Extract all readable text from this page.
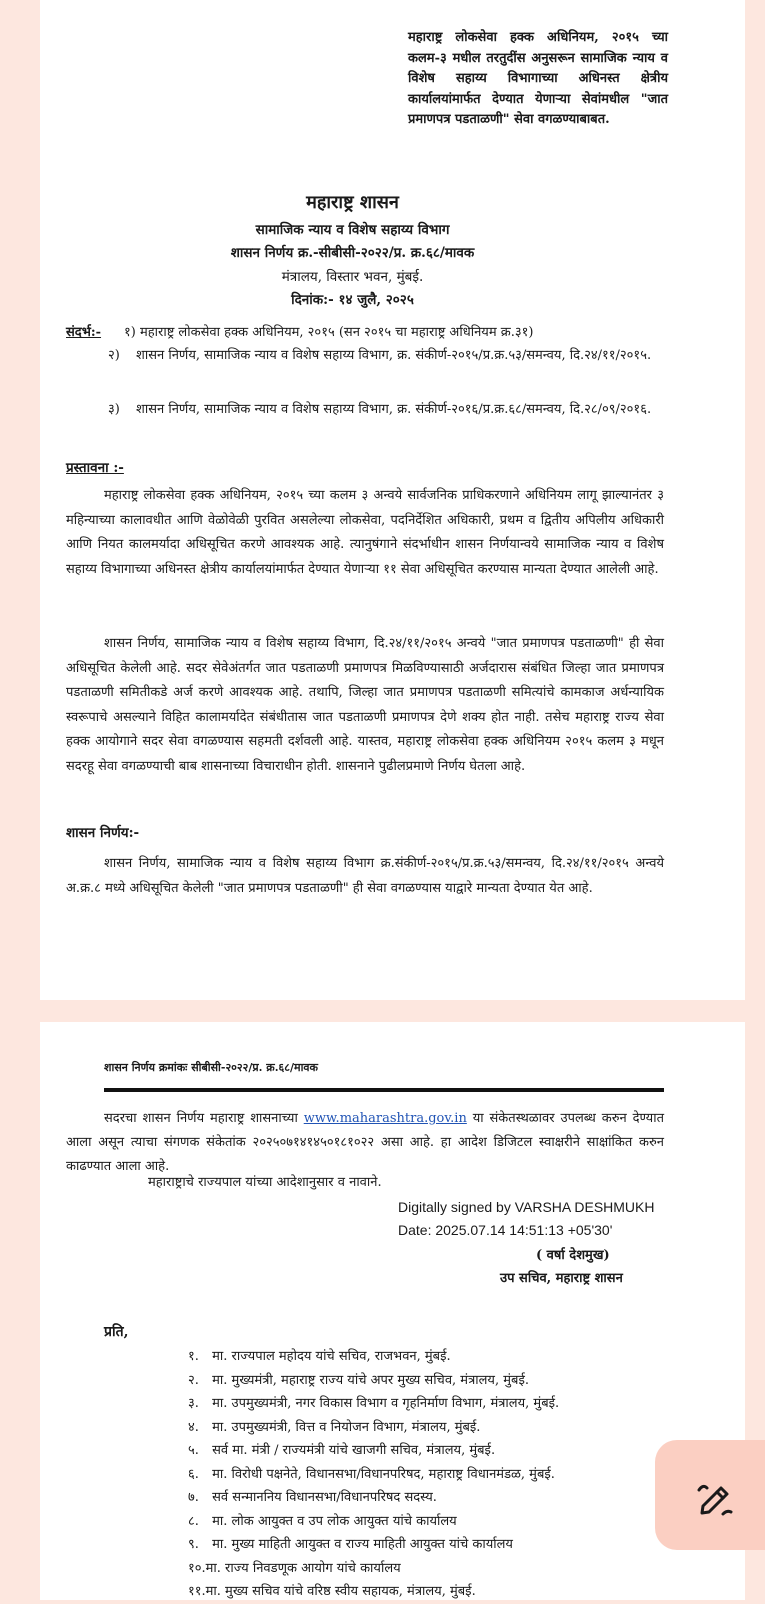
महाराष्ट्र लोकसेवा हक्क अधिनियम, २०१५ च्या कलम-३ मधील तरतुदींस अनुसरून सामाजिक न्याय व विशेष सहाय्य विभागाच्या अधिनस्त क्षेत्रीय कार्यालयांमार्फत देण्यात येणाऱ्या सेवांमधील "जात प्रमाणपत्र पडताळणी" सेवा वगळण्याबाबत.
महाराष्ट्र शासन
सामाजिक न्याय व विशेष सहाय्य विभाग
शासन निर्णय क्र.-सीबीसी-२०२२/प्र. क्र.६८/मावक
मंत्रालय, विस्तार भवन, मुंबई.
दिनांक:- १४ जुलै, २०२५
संदर्भ:- १) महाराष्ट्र लोकसेवा हक्क अधिनियम, २०१५ (सन २०१५ चा महाराष्ट्र अधिनियम क्र.३१)
२) शासन निर्णय, सामाजिक न्याय व विशेष सहाय्य विभाग, क्र. संकीर्ण-२०१५/प्र.क्र.५३/समन्वय, दि.२४/११/२०१५.
३) शासन निर्णय, सामाजिक न्याय व विशेष सहाय्य विभाग, क्र. संकीर्ण-२०१६/प्र.क्र.६८/समन्वय, दि.२८/०९/२०१६.
प्रस्तावना :-
महाराष्ट्र लोकसेवा हक्क अधिनियम, २०१५ च्या कलम ३ अन्वये सार्वजनिक प्राधिकरणाने अधिनियम लागू झाल्यानंतर ३ महिन्याच्या कालावधीत आणि वेळोवेळी पुरवित असलेल्या लोकसेवा, पदनिर्देशित अधिकारी, प्रथम व द्वितीय अपिलीय अधिकारी आणि नियत कालमर्यादा अधिसूचित करणे आवश्यक आहे. त्यानुषंगाने संदर्भाधीन शासन निर्णयान्वये सामाजिक न्याय व विशेष सहाय्य विभागाच्या अधिनस्त क्षेत्रीय कार्यालयांमार्फत देण्यात येणाऱ्या ११ सेवा अधिसूचित करण्यास मान्यता देण्यात आलेली आहे.
शासन निर्णय, सामाजिक न्याय व विशेष सहाय्य विभाग, दि.२४/११/२०१५ अन्वये "जात प्रमाणपत्र पडताळणी" ही सेवा अधिसूचित केलेली आहे. सदर सेवेअंतर्गत जात पडताळणी प्रमाणपत्र मिळविण्यासाठी अर्जदारास संबंधित जिल्हा जात प्रमाणपत्र पडताळणी समितीकडे अर्ज करणे आवश्यक आहे. तथापि, जिल्हा जात प्रमाणपत्र पडताळणी समित्यांचे कामकाज अर्धन्यायिक स्वरूपाचे असल्याने विहित कालामर्यादेत संबंधीतास जात पडताळणी प्रमाणपत्र देणे शक्य होत नाही. तसेच महाराष्ट्र राज्य सेवा हक्क आयोगाने सदर सेवा वगळण्यास सहमती दर्शवली आहे. यास्तव, महाराष्ट्र लोकसेवा हक्क अधिनियम २०१५ कलम ३ मधून सदरहू सेवा वगळण्याची बाब शासनाच्या विचाराधीन होती. शासनाने पुढीलप्रमाणे निर्णय घेतला आहे.
शासन निर्णय:-
शासन निर्णय, सामाजिक न्याय व विशेष सहाय्य विभाग क्र.संकीर्ण-२०१५/प्र.क्र.५३/समन्वय, दि.२४/११/२०१५ अन्वये अ.क्र.८ मध्ये अधिसूचित केलेली "जात प्रमाणपत्र पडताळणी" ही सेवा वगळण्यास याद्वारे मान्यता देण्यात येत आहे.
शासन निर्णय क्रमांकः सीबीसी-२०२२/प्र. क्र.६८/मावक
सदरचा शासन निर्णय महाराष्ट्र शासनाच्या www.maharashtra.gov.in या संकेतस्थळावर उपलब्ध करुन देण्यात आला असून त्याचा संगणक संकेतांक २०२५०७१४१४५०१८१०२२ असा आहे. हा आदेश डिजिटल स्वाक्षरीने साक्षांकित करुन काढण्यात आला आहे.
महाराष्ट्राचे राज्यपाल यांच्या आदेशानुसार व नावाने.
Digitally signed by VARSHA DESHMUKH
Date: 2025.07.14 14:51:13 +05'30'
( वर्षा देशमुख)
उप सचिव, महाराष्ट्र शासन
प्रति,
१. मा. राज्यपाल महोदय यांचे सचिव, राजभवन, मुंबई.
२. मा. मुख्यमंत्री, महाराष्ट्र राज्य यांचे अपर मुख्य सचिव, मंत्रालय, मुंबई.
३. मा. उपमुख्यमंत्री, नगर विकास विभाग व गृहनिर्माण विभाग, मंत्रालय, मुंबई.
४. मा. उपमुख्यमंत्री, वित्त व नियोजन विभाग, मंत्रालय, मुंबई.
५. सर्व मा. मंत्री / राज्यमंत्री यांचे खाजगी सचिव, मंत्रालय, मुंबई.
६. मा. विरोधी पक्षनेते, विधानसभा/विधानपरिषद, महाराष्ट्र विधानमंडळ, मुंबई.
७. सर्व सन्माननिय विधानसभा/विधानपरिषद सदस्य.
८. मा. लोक आयुक्त व उप लोक आयुक्त यांचे कार्यालय
९. मा. मुख्य माहिती आयुक्त व राज्य माहिती आयुक्त यांचे कार्यालय
१०.मा. राज्य निवडणूक आयोग यांचे कार्यालय
११.मा. मुख्य सचिव यांचे वरिष्ठ स्वीय सहायक, मंत्रालय, मुंबई.
